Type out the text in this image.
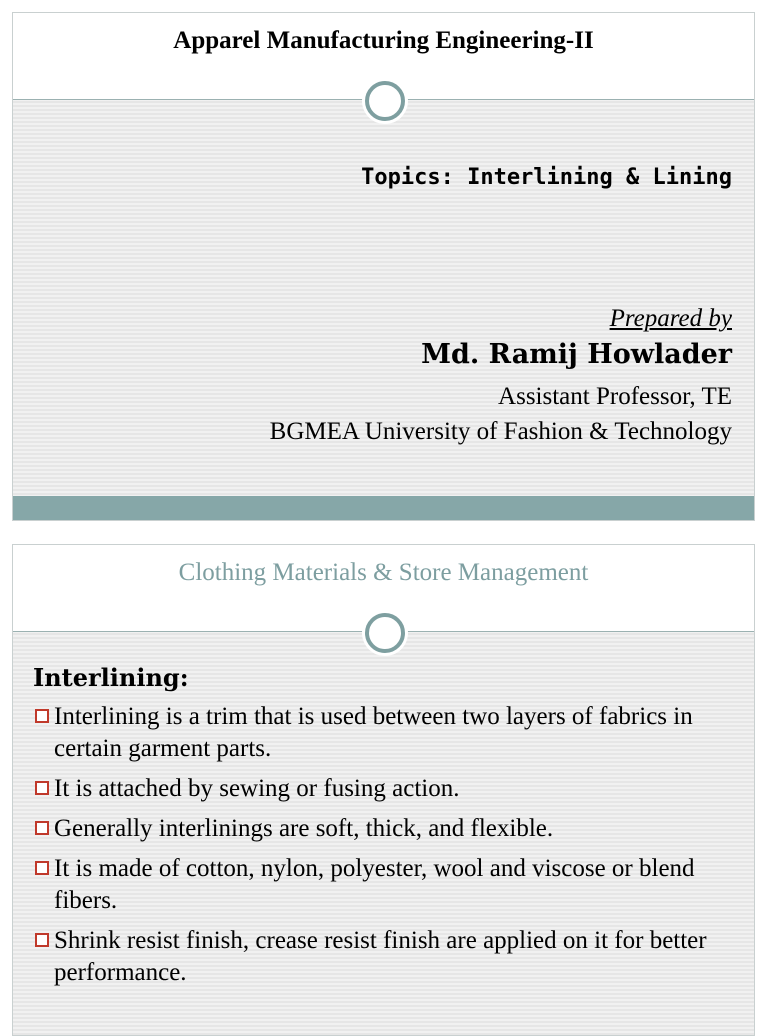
Apparel Manufacturing Engineering-II
Topics: Interlining & Lining
Prepared by
Md. Ramij Howlader
Assistant Professor, TE
BGMEA University of Fashion & Technology
Clothing Materials & Store Management
Interlining:
Interlining is a trim that is used between two layers of fabrics in certain garment parts.
It is attached by sewing or fusing action.
Generally interlinings are soft, thick, and flexible.
It is made of cotton, nylon, polyester, wool and viscose or blend fibers.
Shrink resist finish, crease resist finish are applied on it for better performance.
